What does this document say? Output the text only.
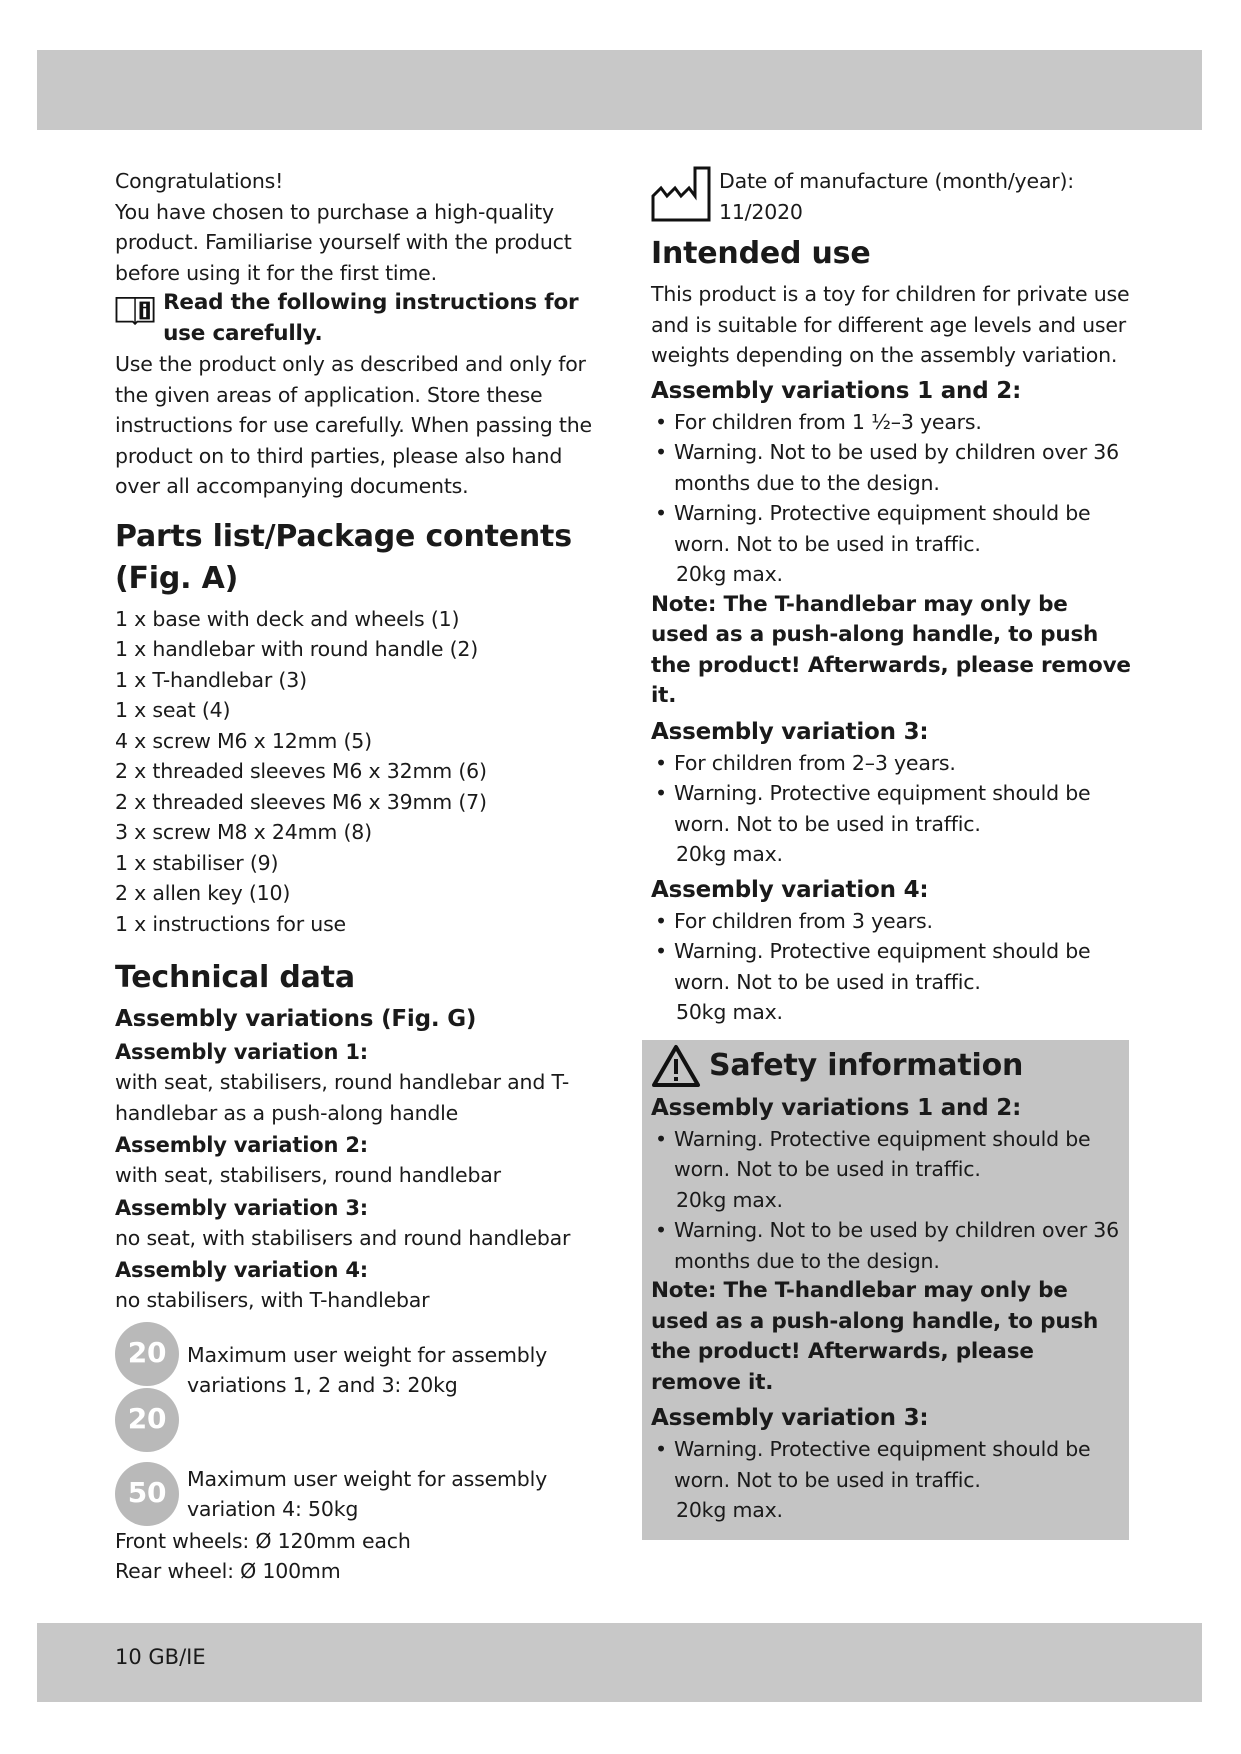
Congratulations!

You have chosen to purchase a high-quality product. Familiarise yourself with the product before using it for the first time.

Read the following instructions for use carefully.

Use the product only as described and only for the given areas of application. Store these instructions for use carefully. When passing the product on to third parties, please also hand over all accompanying documents.

Parts list/Package contents (Fig. A)

1 x base with deck and wheels (1)

1 x handlebar with round handle (2)

1 x T-handlebar (3)

1 x seat (4)

4 x screw M6 x 12mm (5)

2 x threaded sleeves M6 x 32mm (6)

2 x threaded sleeves M6 x 39mm (7)

3 x screw M8 x 24mm (8)

1 x stabiliser (9)

2 x allen key (10)

1 x instructions for use

Technical data
Assembly variations (Fig. G)
Assembly variation 1:

with seat, stabilisers, round handlebar and T-handlebar as a push-along handle

Assembly variation 2:

with seat, stabilisers, round handlebar

Assembly variation 3:

no seat, with stabilisers and round handlebar

Assembly variation 4:

no stabilisers, with T-handlebar

20
20

Maximum user weight for assembly variations 1, 2 and 3: 20kg

50	Maximum user weight for assembly variation 4: 50kg

Front wheels: Ø 120mm each

Rear wheel: Ø 100mm

Date of manufacture (month/year):

11/2020

Intended use

This product is a toy for children for private use and is suitable for different age levels and user weights depending on the assembly variation.

Assembly variations 1 and 2:
• For children from 1 ½–3 years.
• Warning. Not to be used by children over 36 months due to the design.
• Warning. Protective equipment should be worn. Not to be used in traffic.

20kg max.

Note: The T-handlebar may only be used as a push-along handle, to push the product! Afterwards, please remove it.

Assembly variation 3:
• For children from 2–3 years.
• Warning. Protective equipment should be worn. Not to be used in traffic.

20kg max.

Assembly variation 4:
• For children from 3 years.
• Warning. Protective equipment should be worn. Not to be used in traffic.

50kg max.

Safety information
Assembly variations 1 and 2:
• Warning. Protective equipment should be worn. Not to be used in traffic.

20kg max.

• Warning. Not to be used by children over 36 months due to the design.

Note: The T-handlebar may only be used as a push-along handle, to push the product! Afterwards, please remove it.

Assembly variation 3:
• Warning. Protective equipment should be worn. Not to be used in traffic.

20kg max.

10 GB/IE
